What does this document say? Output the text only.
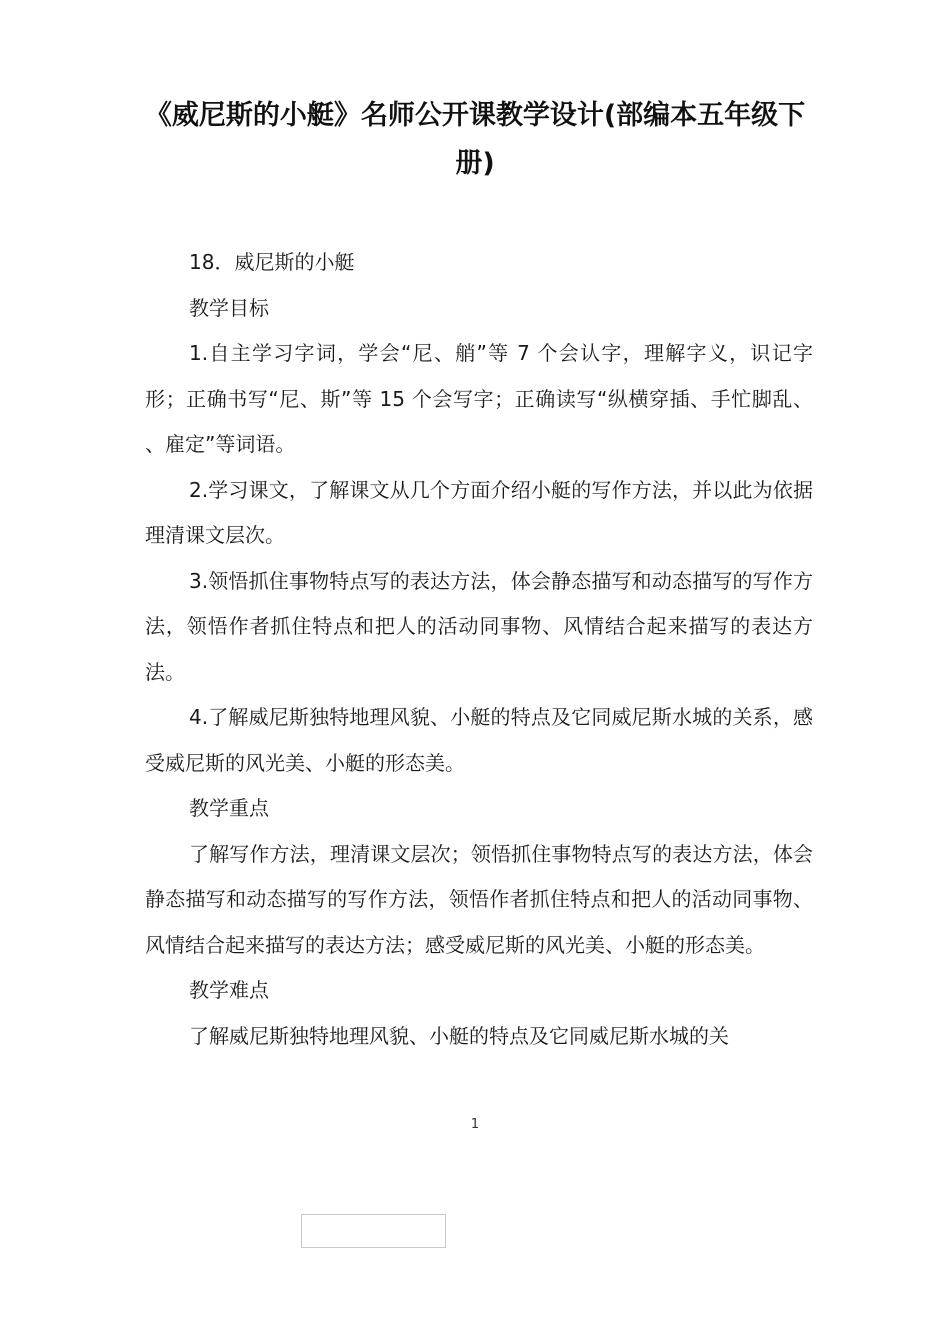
《威尼斯的小艇》名师公开课教学设计(部编本五年级下册)

18．威尼斯的小艇

教学目标

1.自主学习字词，学会“尼、艄”等 7 个会认字，理解字义，识记字形；正确书写“尼、斯”等 15 个会写字；正确读写“纵横穿插、手忙脚乱、 、雇定”等词语。

2.学习课文，了解课文从几个方面介绍小艇的写作方法，并以此为依据理清课文层次。

3.领悟抓住事物特点写的表达方法，体会静态描写和动态描写的写作方法，领悟作者抓住特点和把人的活动同事物、风情结合起来描写的表达方法。

4.了解威尼斯独特地理风貌、小艇的特点及它同威尼斯水城的关系，感受威尼斯的风光美、小艇的形态美。

教学重点

了解写作方法，理清课文层次；领悟抓住事物特点写的表达方法，体会静态描写和动态描写的写作方法，领悟作者抓住特点和把人的活动同事物、风情结合起来描写的表达方法；感受威尼斯的风光美、小艇的形态美。

教学难点

了解威尼斯独特地理风貌、小艇的特点及它同威尼斯水城的关

1
